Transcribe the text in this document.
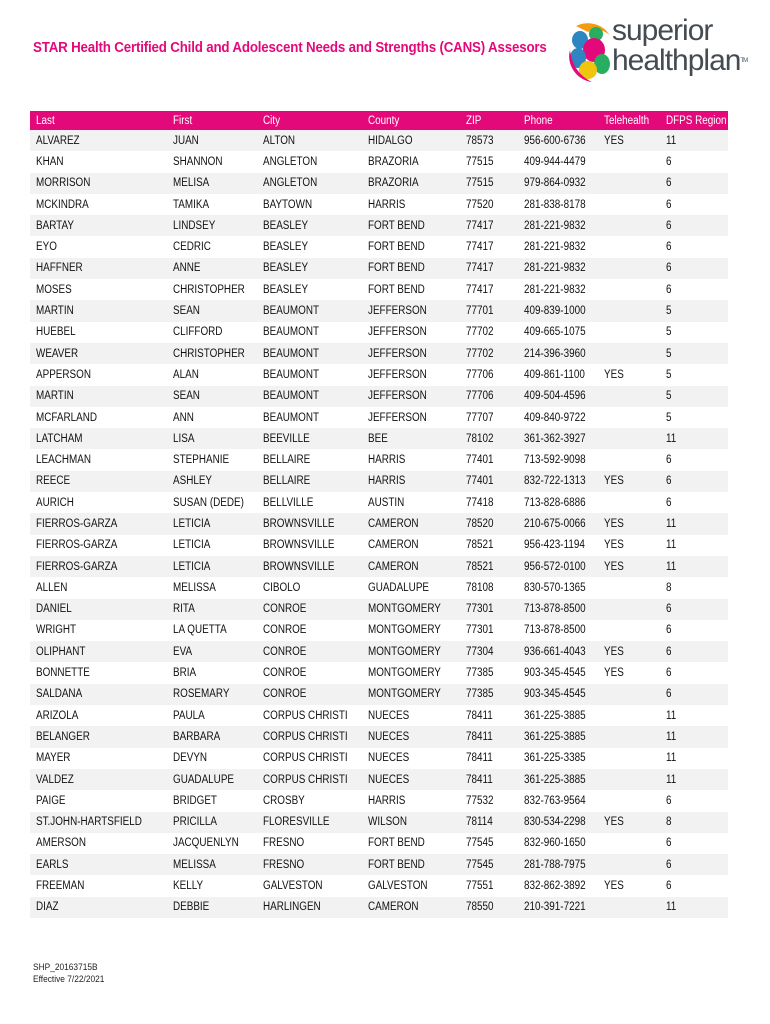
STAR Health Certified Child and Adolescent Needs and Strengths (CANS) Assesors
superior
healthplanTM
Last	First	City	County	ZIP	Phone	Telehealth	DFPS Region
ALVAREZ	JUAN	ALTON	HIDALGO	78573	956-600-6736	YES	11
KHAN	SHANNON	ANGLETON	BRAZORIA	77515	409-944-4479		6
MORRISON	MELISA	ANGLETON	BRAZORIA	77515	979-864-0932		6
MCKINDRA	TAMIKA	BAYTOWN	HARRIS	77520	281-838-8178		6
BARTAY	LINDSEY	BEASLEY	FORT BEND	77417	281-221-9832		6
EYO	CEDRIC	BEASLEY	FORT BEND	77417	281-221-9832		6
HAFFNER	ANNE	BEASLEY	FORT BEND	77417	281-221-9832		6
MOSES	CHRISTOPHER	BEASLEY	FORT BEND	77417	281-221-9832		6
MARTIN	SEAN	BEAUMONT	JEFFERSON	77701	409-839-1000		5
HUEBEL	CLIFFORD	BEAUMONT	JEFFERSON	77702	409-665-1075		5
WEAVER	CHRISTOPHER	BEAUMONT	JEFFERSON	77702	214-396-3960		5
APPERSON	ALAN	BEAUMONT	JEFFERSON	77706	409-861-1100	YES	5
MARTIN	SEAN	BEAUMONT	JEFFERSON	77706	409-504-4596		5
MCFARLAND	ANN	BEAUMONT	JEFFERSON	77707	409-840-9722		5
LATCHAM	LISA	BEEVILLE	BEE	78102	361-362-3927		11
LEACHMAN	STEPHANIE	BELLAIRE	HARRIS	77401	713-592-9098		6
REECE	ASHLEY	BELLAIRE	HARRIS	77401	832-722-1313	YES	6
AURICH	SUSAN (DEDE)	BELLVILLE	AUSTIN	77418	713-828-6886		6
FIERROS-GARZA	LETICIA	BROWNSVILLE	CAMERON	78520	210-675-0066	YES	11
FIERROS-GARZA	LETICIA	BROWNSVILLE	CAMERON	78521	956-423-1194	YES	11
FIERROS-GARZA	LETICIA	BROWNSVILLE	CAMERON	78521	956-572-0100	YES	11
ALLEN	MELISSA	CIBOLO	GUADALUPE	78108	830-570-1365		8
DANIEL	RITA	CONROE	MONTGOMERY	77301	713-878-8500		6
WRIGHT	LA QUETTA	CONROE	MONTGOMERY	77301	713-878-8500		6
OLIPHANT	EVA	CONROE	MONTGOMERY	77304	936-661-4043	YES	6
BONNETTE	BRIA	CONROE	MONTGOMERY	77385	903-345-4545	YES	6
SALDANA	ROSEMARY	CONROE	MONTGOMERY	77385	903-345-4545		6
ARIZOLA	PAULA	CORPUS CHRISTI	NUECES	78411	361-225-3885		11
BELANGER	BARBARA	CORPUS CHRISTI	NUECES	78411	361-225-3885		11
MAYER	DEVYN	CORPUS CHRISTI	NUECES	78411	361-225-3385		11
VALDEZ	GUADALUPE	CORPUS CHRISTI	NUECES	78411	361-225-3885		11
PAIGE	BRIDGET	CROSBY	HARRIS	77532	832-763-9564		6
ST.JOHN-HARTSFIELD	PRICILLA	FLORESVILLE	WILSON	78114	830-534-2298	YES	8
AMERSON	JACQUENLYN	FRESNO	FORT BEND	77545	832-960-1650		6
EARLS	MELISSA	FRESNO	FORT BEND	77545	281-788-7975		6
FREEMAN	KELLY	GALVESTON	GALVESTON	77551	832-862-3892	YES	6
DIAZ	DEBBIE	HARLINGEN	CAMERON	78550	210-391-7221		11
SHP_20163715B
Effective 7/22/2021
